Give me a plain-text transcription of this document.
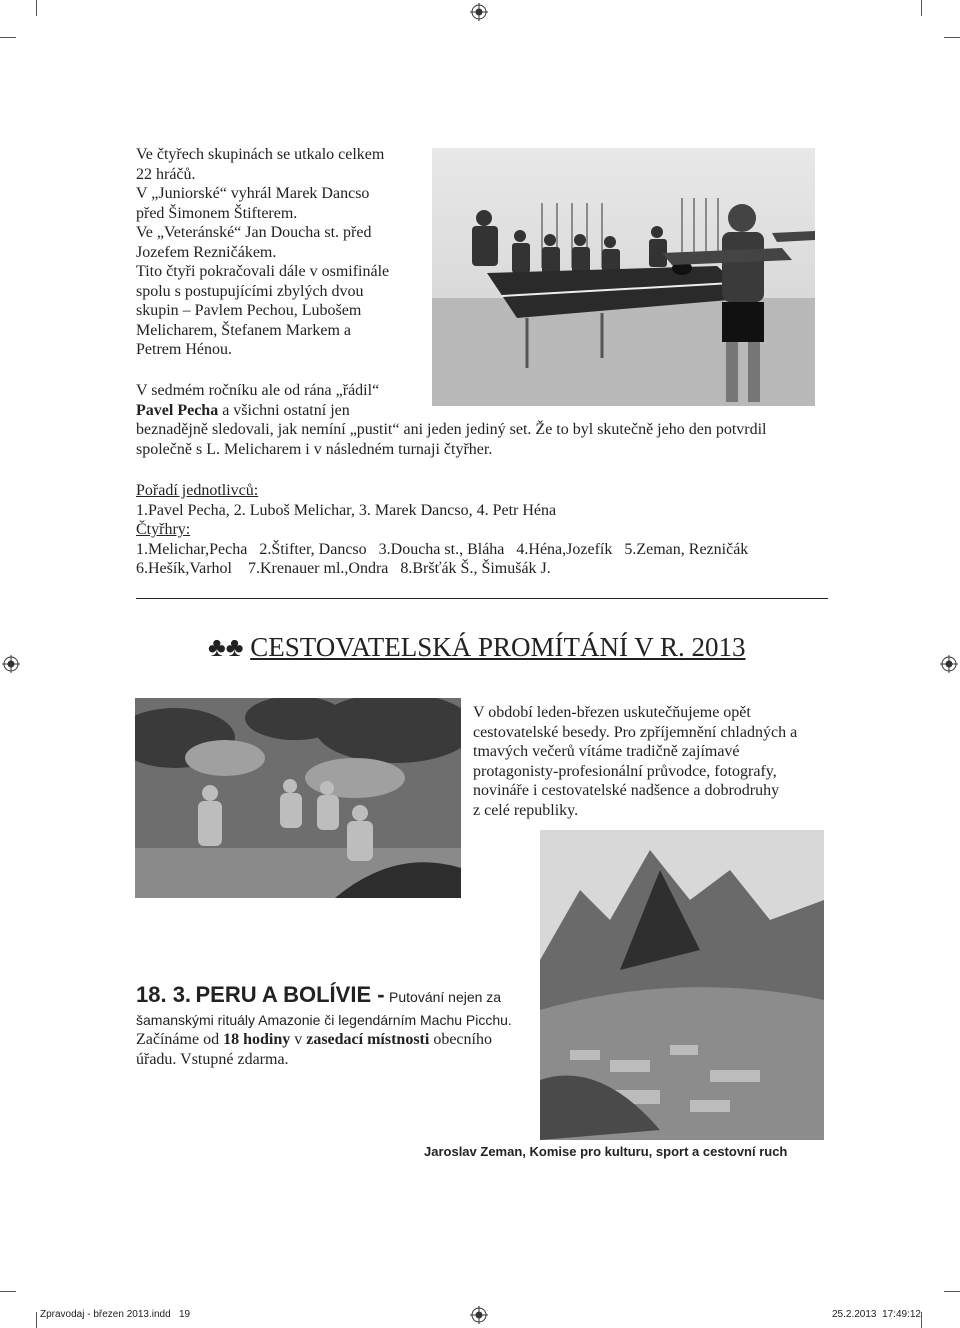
Ve čtyřech skupinách se utkalo celkem
22 hráčů.
V „Juniorské“ vyhrál Marek Dancso
před Šimonem Štifterem.
Ve „Veteránské“ Jan Doucha st. před
Jozefem Rezničákem.
Tito čtyři pokračovali dále v osmifinále
spolu s postupujícími zbylých dvou
skupin – Pavlem Pechou, Lubošem
Melicharem, Štefanem Markem a
Petrem Hénou.
V sedmém ročníku ale od rána „řádil“
Pavel Pecha a všichni ostatní jen
beznadějně sledovali, jak nemíní „pustit“ ani jeden jediný set. Že to byl skutečně jeho den potvrdil
společně s L. Melicharem i v následném turnaji čtyřher.
Pořadí jednotlivců:
1.Pavel Pecha, 2. Luboš Melichar, 3. Marek Dancso, 4. Petr Héna
Čtyřhry:
1.Melichar,Pecha   2.Štifter, Dancso   3.Doucha st., Bláha   4.Héna,Jozefík   5.Zeman, Rezničák
6.Hešík,Varhol    7.Krenauer ml.,Ondra   8.Bršťák Š., Šimušák J.
♣♣ CESTOVATELSKÁ PROMÍTÁNÍ V R. 2013
V období leden-březen uskutečňujeme opět
cestovatelské besedy. Pro zpříjemnění chladných a
tmavých večerů vítáme tradičně zajímavé
protagonisty-profesionální průvodce, fotografy,
novináře i cestovatelské nadšence a dobrodruhy
z celé republiky.
18. 3. PERU A BOLÍVIE - Putování nejen za
šamanskými rituály Amazonie či legendárním Machu Picchu.
Začínáme od 18 hodiny v zasedací místnosti obecního
úřadu. Vstupné zdarma.
Jaroslav Zeman, Komise pro kulturu, sport a cestovní ruch
Zpravodaj - březen 2013.indd   19	25.2.2013 17:49:12
